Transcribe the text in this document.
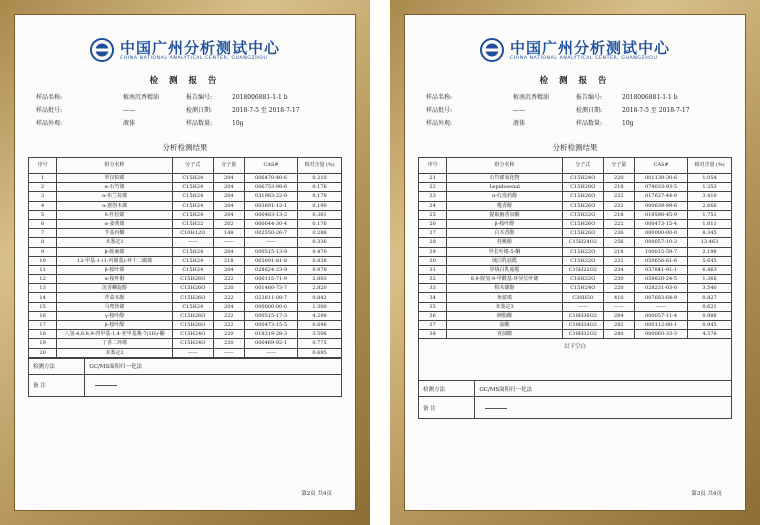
中国广州分析测试中心
CHINA NATIONAL ANALYTICAL CENTER, GUANGZHOU
检 测 报 告
样品名称:	植南沉香精油	报告编号:	2018006881-1-1 b
样品批号:	——	检测日期:	2018-7-5 至 2018-7-17
样品外观:	液体	样品数量:	10g
分析检测结果
序号	组分名称	分子式	分子量	CAS#	相对含量 (%)
1	罗汉柏烯	C15H24	204	006470-40-6	0.210
2	α-石竹烯	C15H24	204	006753-98-6	0.176
3	α-布兰烷烯	C15H24	204	031983-22-9	0.178
4	α-愈创木烯	C15H24	204	003691-12-1	0.190
5	δ-杜松烯	C15H24	204	000483-13-2	0.361
6	α-姜黄烯	C15H22	202	000644-30-4	0.176
7	苄基丙酮	C10H12O	148	002550-26-7	0.288
8	未鉴定1	——	——	——	0.336
9	β-蛇麻烯	C15H24	204	000515-13-9	0.470
10	12-甲基-1-(1-丙烯基)-环十二碳烯	C15H24	218	065691-81-8	0.838
11	β-桉叶烯	C15H24	204	028624-23-9	0.978
12	α-桉叶醇	C15H26O	222	000115-71-9	2.803
13	沉香螺旋醇	C15H26O	220	001460-73-7	2.820
14	芹菜木醇	C15H26O	222	023811-08-7	0.842
15	马兜铃烯	C15H24	204	000000-00-0	1.300
16	γ-桉叶醇	C15H26O	222	000515-17-3	4.298
17	β-桉叶醇	C15H26O	222	000473-15-5	0.696
18	八氢-4,8,8,9-四甲基-1,4-亚甲基薁-7(1H)-酮	C15H24O	220	018319-28-3	3.506
19	丁香二环烯	C15H24O	220	000469-92-1	0.775
20	未鉴定2	——	——	——	0.695
检测方法	GC/MS面积归一化法
备 注	
第2页 共4页
中国广州分析测试中心
CHINA NATIONAL ANALYTICAL CENTER, GUANGZHOU
检 测 报 告
样品名称:	植南沉香精油	报告编号:	2018006881-1-1 b
样品批号:	——	检测日期:	2018-7-5 至 2018-7-17
样品外观:	液体	样品数量:	10g
分析检测结果
序号	组分名称	分子式	分子量	CAS#	相对含量 (%)
21	石竹烯氧化物	C15H24O	220	001139-30-6	1.054
22	Lepidozenal	C15H20O	218	074033-93-5	1.353
23	α-红没药醇	C15H26O	222	017627-44-0	3.410
24	榄香醇	C15H26O	222	000639-99-6	2.666
25	提取脑香泉酮	C15H22O	218	019598-45-9	1.751
26	β-桉叶醇	C15H26O	222	000473-15-4	1.611
27	白木香醇	C15H26O	236	000000-00-0	8.345
28	桂桃醇	C15H24O2	256	000057-10-3	13.463
29	异长叶烯-5-酮	C15H22O	218	100015-59-7	2.198
30	绒白乳菇醛	C15H22O	232	050656-61-6	5.645
31	异绒白乳菇醛	C15H22O2	234	037841-91-1	6.463
32	8,9-脱氢-9-甲酰基-环异长叶烯	C16H22O	230	059820-24-5	1.366
33	柏木烯醇	C15H24O	220	028231-03-0	3.540
34	角鲨烯	C30H50	410	007683-64-9	0.827
35	未鉴定3	——	——	——	0.621
36	硬脂酸	C18H36O2	284	000057-11-4	0.988
37	油酸	C18H34O2	282	000112-80-1	0.945
38	亚油酸	C18H32O2	280	000060-33-3	4.378
以下空白
检测方法	GC/MS面积归一化法
备 注	
第3页 共4页
